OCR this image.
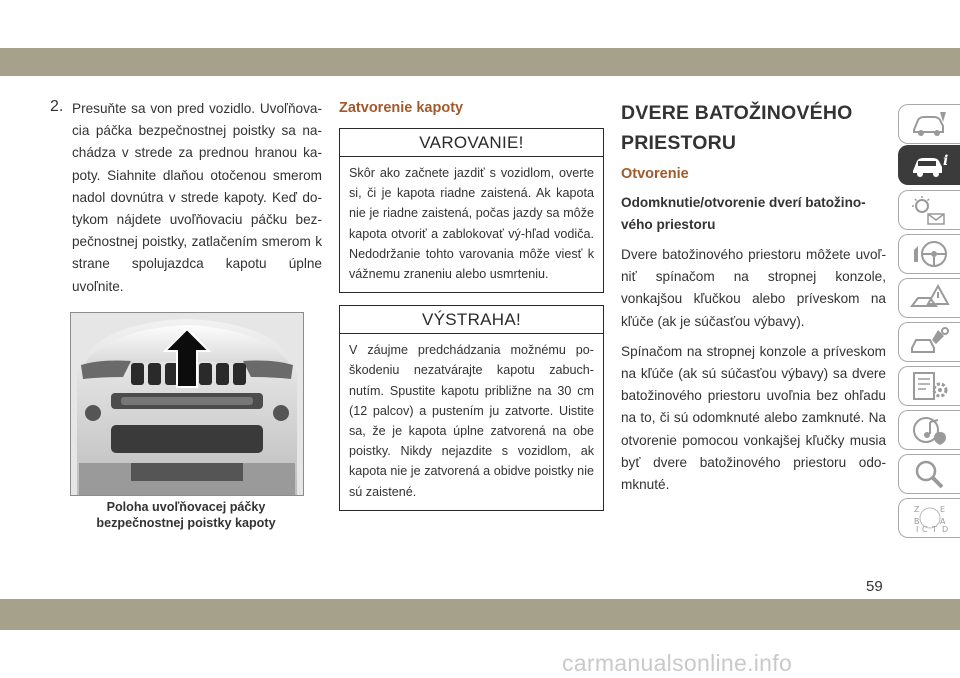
2. Presuňte sa von pred vozidlo. Uvoľňova-cia páčka bezpečnostnej poistky sa na-chádza v strede za prednou hranou ka-poty. Siahnite dlaňou otočenou smerom nadol dovnútra v strede kapoty. Keď do-tykom nájdete uvoľňovaciu páčku bez-pečnostnej poistky, zatlačením smerom k strane spolujazdca kapotu úplne uvoľnite.
Poloha uvoľňovacej páčky
bezpečnostnej poistky kapoty
Zatvorenie kapoty
VAROVANIE!
Skôr ako začnete jazdiť s vozidlom, overte si, či je kapota riadne zaistená. Ak kapota nie je riadne zaistená, počas jazdy sa môže kapota otvoriť a zablokovať vý-hľad vodiča. Nedodržanie tohto varovania môže viesť k vážnemu zraneniu alebo usmrteniu.
VÝSTRAHA!
V záujme predchádzania možnému po-škodeniu nezatvárajte kapotu zabuch-nutím. Spustite kapotu približne na 30 cm (12 palcov) a pustením ju zatvorte. Uistite sa, že je kapota úplne zatvorená na obe poistky. Nikdy nejazdite s vozidlom, ak kapota nie je zatvorená a obidve poistky nie sú zaistené.
DVERE BATOŽINOVÉHO
PRIESTORU
Otvorenie
Odomknutie/otvorenie dverí batožino-vého priestoru

Dvere batožinového priestoru môžete uvoľ-niť spínačom na stropnej konzole, vonkajšou kľučkou alebo príveskom na kľúče (ak je súčasťou výbavy).

Spínačom na stropnej konzole a príveskom na kľúče (ak sú súčasťou výbavy) sa dvere batožinového priestoru uvoľnia bez ohľadu na to, či sú odomknuté alebo zamknuté. Na otvorenie pomocou vonkajšej kľučky musia byť dvere batožinového priestoru odo-mknuté.

i
Z	E
B	A
C D
T
I
59
carmanualsonline.info
